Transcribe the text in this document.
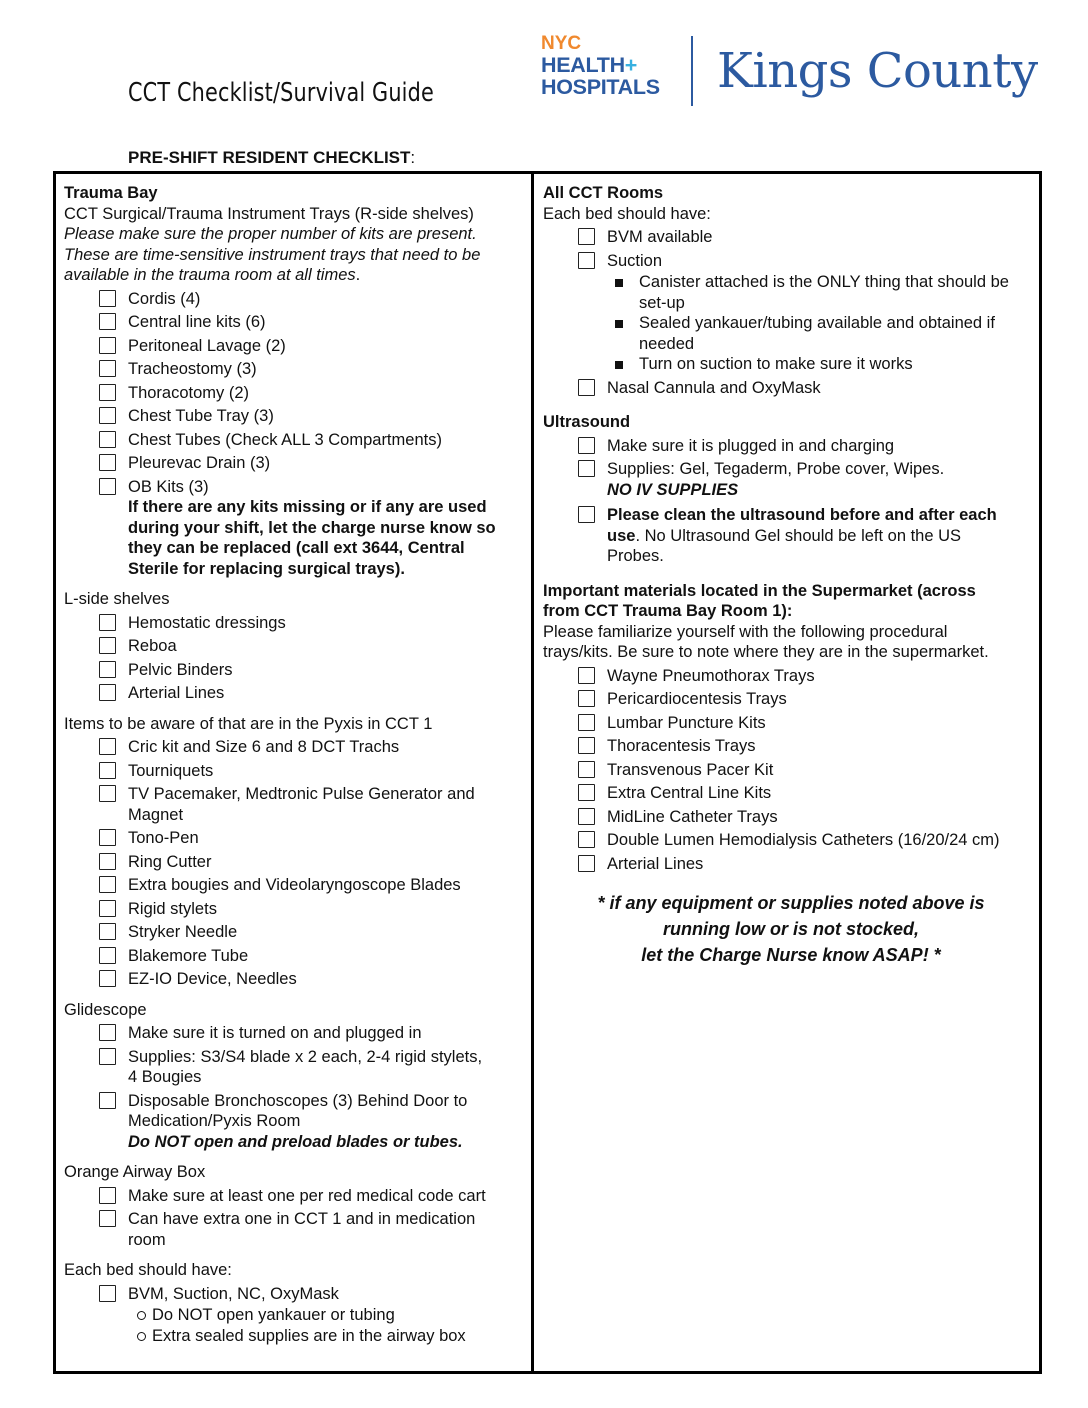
CCT Checklist/Survival Guide
NYC
HEALTH+
HOSPITALS Kings County
PRE-SHIFT RESIDENT CHECKLIST:
Trauma Bay
CCT Surgical/Trauma Instrument Trays (R-side shelves)
Please make sure the proper number of kits are present.
These are time-sensitive instrument trays that need to be
available in the trauma room at all times.
Cordis (4)
Central line kits (6)
Peritoneal Lavage (2)
Tracheostomy (3)
Thoracotomy (2)
Chest Tube Tray (3)
Chest Tubes (Check ALL 3 Compartments)
Pleurevac Drain (3)
OB Kits (3)
If there are any kits missing or if any are used
during your shift, let the charge nurse know so
they can be replaced (call ext 3644, Central
Sterile for replacing surgical trays).
L-side shelves
Hemostatic dressings
Reboa
Pelvic Binders
Arterial Lines
Items to be aware of that are in the Pyxis in CCT 1
Cric kit and Size 6 and 8 DCT Trachs
Tourniquets
TV Pacemaker, Medtronic Pulse Generator and
Magnet
Tono-Pen
Ring Cutter
Extra bougies and Videolaryngoscope Blades
Rigid stylets
Stryker Needle
Blakemore Tube
EZ-IO Device, Needles
Glidescope
Make sure it is turned on and plugged in
Supplies: S3/S4 blade x 2 each, 2-4 rigid stylets,
4 Bougies
Disposable Bronchoscopes (3) Behind Door to
Medication/Pyxis Room
Do NOT open and preload blades or tubes.
Orange Airway Box
Make sure at least one per red medical code cart
Can have extra one in CCT 1 and in medication
room
Each bed should have:
BVM, Suction, NC, OxyMask
Do NOT open yankauer or tubing
Extra sealed supplies are in the airway box
All CCT Rooms
Each bed should have:
BVM available
Suction
Canister attached is the ONLY thing that should be
set-up
Sealed yankauer/tubing available and obtained if
needed
Turn on suction to make sure it works
Nasal Cannula and OxyMask
Ultrasound
Make sure it is plugged in and charging
Supplies: Gel, Tegaderm, Probe cover, Wipes.
NO IV SUPPLIES
Please clean the ultrasound before and after each
use. No Ultrasound Gel should be left on the US
Probes.
Important materials located in the Supermarket (across
from CCT Trauma Bay Room 1):
Please familiarize yourself with the following procedural
trays/kits. Be sure to note where they are in the supermarket.
Wayne Pneumothorax Trays
Pericardiocentesis Trays
Lumbar Puncture Kits
Thoracentesis Trays
Transvenous Pacer Kit
Extra Central Line Kits
MidLine Catheter Trays
Double Lumen Hemodialysis Catheters (16/20/24 cm)
Arterial Lines
* if any equipment or supplies noted above is
running low or is not stocked,
let the Charge Nurse know ASAP! *
